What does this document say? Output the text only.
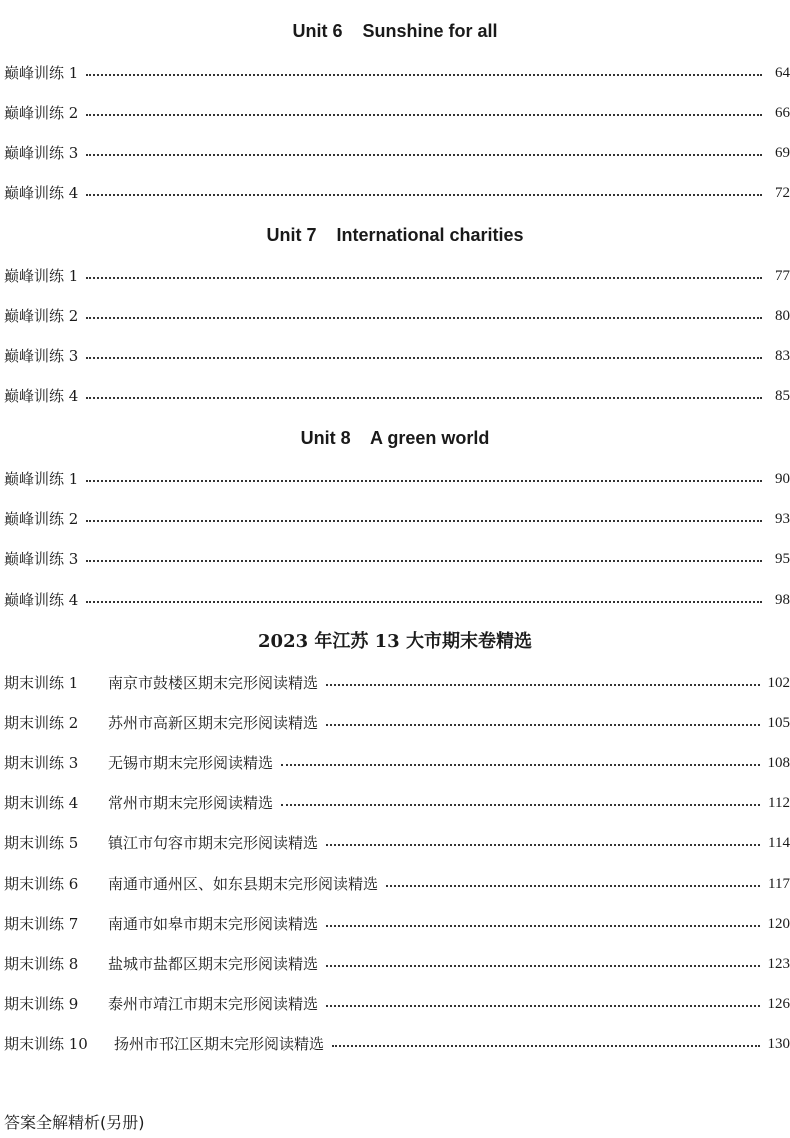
Unit 6    Sunshine for all
巅峰训练 1	64
巅峰训练 2	66
巅峰训练 3	69
巅峰训练 4	72
Unit 7    International charities
巅峰训练 1	77
巅峰训练 2	80
巅峰训练 3	83
巅峰训练 4	85
Unit 8    A green world
巅峰训练 1	90
巅峰训练 2	93
巅峰训练 3	95
巅峰训练 4	98
2023 年江苏 13 大市期末卷精选
期末训练 1	南京市鼓楼区期末完形阅读精选	102
期末训练 2	苏州市高新区期末完形阅读精选	105
期末训练 3	无锡市期末完形阅读精选	108
期末训练 4	常州市期末完形阅读精选	112
期末训练 5	镇江市句容市期末完形阅读精选	114
期末训练 6	南通市通州区、如东县期末完形阅读精选	117
期末训练 7	南通市如皋市期末完形阅读精选	120
期末训练 8	盐城市盐都区期末完形阅读精选	123
期末训练 9	泰州市靖江市期末完形阅读精选	126
期末训练 10	扬州市邗江区期末完形阅读精选	130
答案全解精析(另册)
